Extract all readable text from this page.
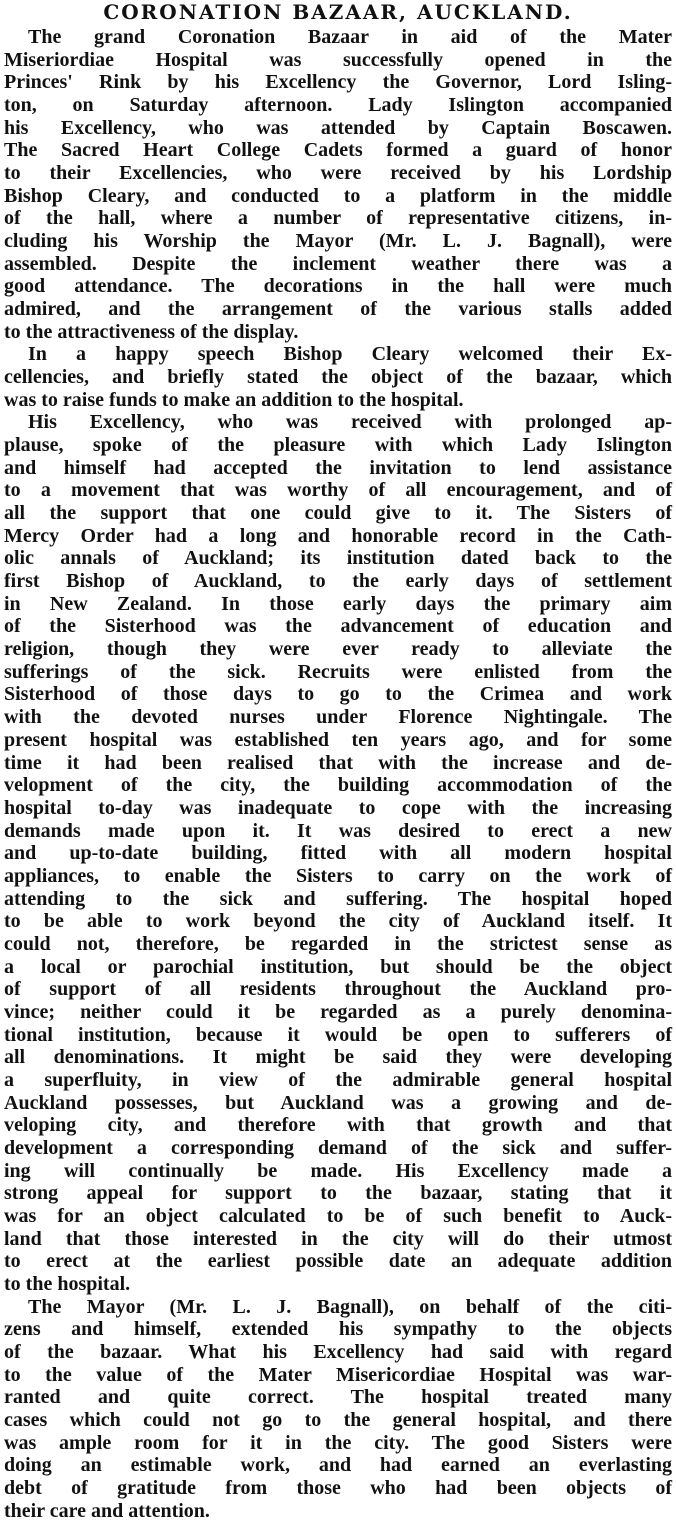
CORONATION BAZAAR, AUCKLAND.
The grand Coronation Bazaar in aid of the Mater
Miseriordiae Hospital was successfully opened in the
Princes' Rink by his Excellency the Governor, Lord Isling-
ton, on Saturday afternoon. Lady Islington accompanied
his Excellency, who was attended by Captain Boscawen.
The Sacred Heart College Cadets formed a guard of honor
to their Excellencies, who were received by his Lordship
Bishop Cleary, and conducted to a platform in the middle
of the hall, where a number of representative citizens, in-
cluding his Worship the Mayor (Mr. L. J. Bagnall), were
assembled. Despite the inclement weather there was a
good attendance. The decorations in the hall were much
admired, and the arrangement of the various stalls added
to the attractiveness of the display.
In a happy speech Bishop Cleary welcomed their Ex-
cellencies, and briefly stated the object of the bazaar, which
was to raise funds to make an addition to the hospital.
His Excellency, who was received with prolonged ap-
plause, spoke of the pleasure with which Lady Islington
and himself had accepted the invitation to lend assistance
to a movement that was worthy of all encouragement, and of
all the support that one could give to it. The Sisters of
Mercy Order had a long and honorable record in the Cath-
olic annals of Auckland; its institution dated back to the
first Bishop of Auckland, to the early days of settlement
in New Zealand. In those early days the primary aim
of the Sisterhood was the advancement of education and
religion, though they were ever ready to alleviate the
sufferings of the sick. Recruits were enlisted from the
Sisterhood of those days to go to the Crimea and work
with the devoted nurses under Florence Nightingale. The
present hospital was established ten years ago, and for some
time it had been realised that with the increase and de-
velopment of the city, the building accommodation of the
hospital to-day was inadequate to cope with the increasing
demands made upon it. It was desired to erect a new
and up-to-date building, fitted with all modern hospital
appliances, to enable the Sisters to carry on the work of
attending to the sick and suffering. The hospital hoped
to be able to work beyond the city of Auckland itself. It
could not, therefore, be regarded in the strictest sense as
a local or parochial institution, but should be the object
of support of all residents throughout the Auckland pro-
vince; neither could it be regarded as a purely denomina-
tional institution, because it would be open to sufferers of
all denominations. It might be said they were developing
a superfluity, in view of the admirable general hospital
Auckland possesses, but Auckland was a growing and de-
veloping city, and therefore with that growth and that
development a corresponding demand of the sick and suffer-
ing will continually be made. His Excellency made a
strong appeal for support to the bazaar, stating that it
was for an object calculated to be of such benefit to Auck-
land that those interested in the city will do their utmost
to erect at the earliest possible date an adequate addition
to the hospital.
The Mayor (Mr. L. J. Bagnall), on behalf of the citi-
zens and himself, extended his sympathy to the objects
of the bazaar. What his Excellency had said with regard
to the value of the Mater Misericordiae Hospital was war-
ranted and quite correct. The hospital treated many
cases which could not go to the general hospital, and there
was ample room for it in the city. The good Sisters were
doing an estimable work, and had earned an everlasting
debt of gratitude from those who had been objects of
their care and attention.
